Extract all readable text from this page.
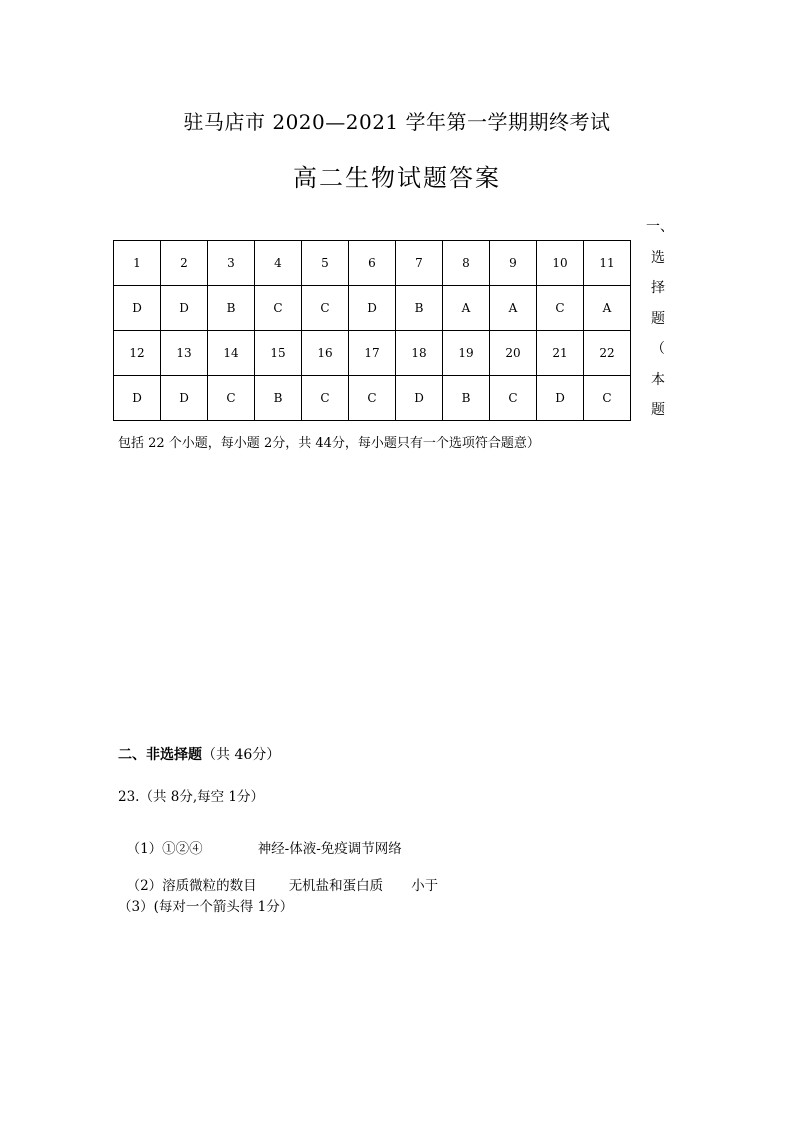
驻马店市 2020—2021 学年第一学期期终考试
高二生物试题答案
一、
选
择
题
（
本
题
1	2	3	4	5	6	7	8	9	10	11
D	D	B	C	C	D	B	A	A	C	A
12	13	14	15	16	17	18	19	20	21	22
D	D	C	B	C	C	D	B	C	D	C
包括 22 个小题，每小题 2分，共 44分，每小题只有一个选项符合题意）
二、非选择题（共 46分）
23.（共 8分,每空 1分）

（1）①②④	神经-体液-免疫调节网络

（2）溶质微粒的数目 无机盐和蛋白质 小于

（3）(每对一个箭头得 1分）
